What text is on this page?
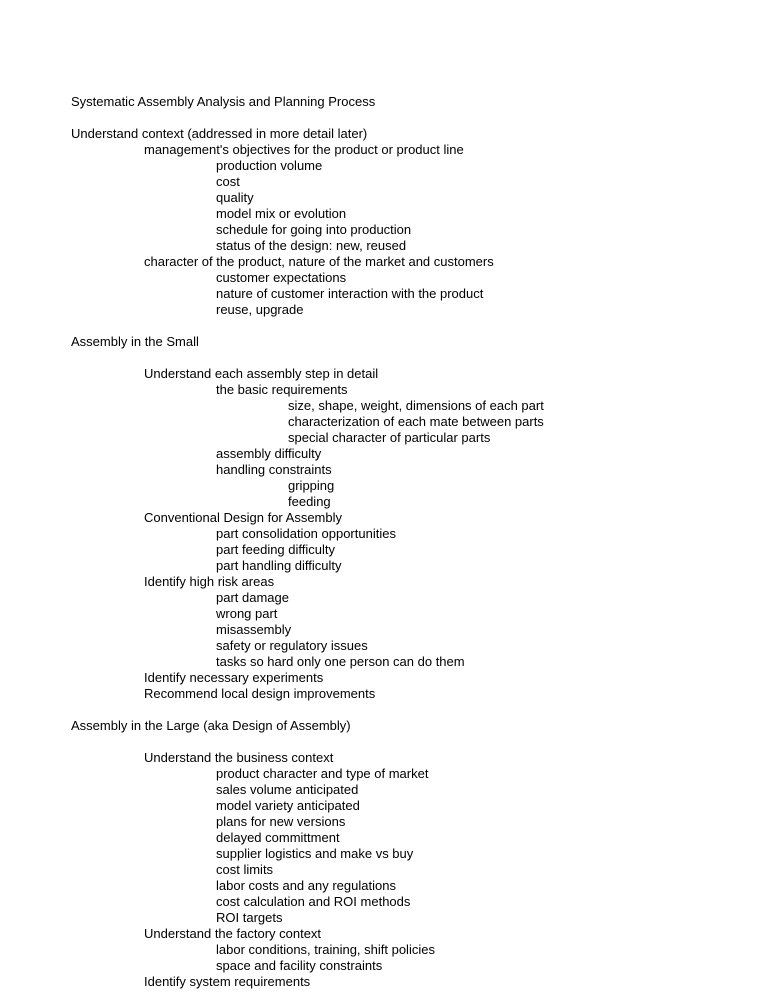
Systematic Assembly Analysis and Planning Process
Understand context (addressed in more detail later)
management's objectives for the product or product line
production volume
cost
quality
model mix or evolution
schedule for going into production
status of the design: new, reused
character of the product, nature of the market and customers
customer expectations
nature of customer interaction with the product
reuse, upgrade
Assembly in the Small
Understand each assembly step in detail
the basic requirements
size, shape, weight, dimensions of each part
characterization of each mate between parts
special character of particular parts
assembly difficulty
handling constraints
gripping
feeding
Conventional Design for Assembly
part consolidation opportunities
part feeding difficulty
part handling difficulty
Identify high risk areas
part damage
wrong part
misassembly
safety or regulatory issues
tasks so hard only one person can do them
Identify necessary experiments
Recommend local design improvements
Assembly in the Large (aka Design of Assembly)
Understand the business context
product character and type of market
sales volume anticipated
model variety anticipated
plans for new versions
delayed committment
supplier logistics and make vs buy
cost limits
labor costs and any regulations
cost calculation and ROI methods
ROI targets
Understand the factory context
labor conditions, training, shift policies
space and facility constraints
Identify system requirements
